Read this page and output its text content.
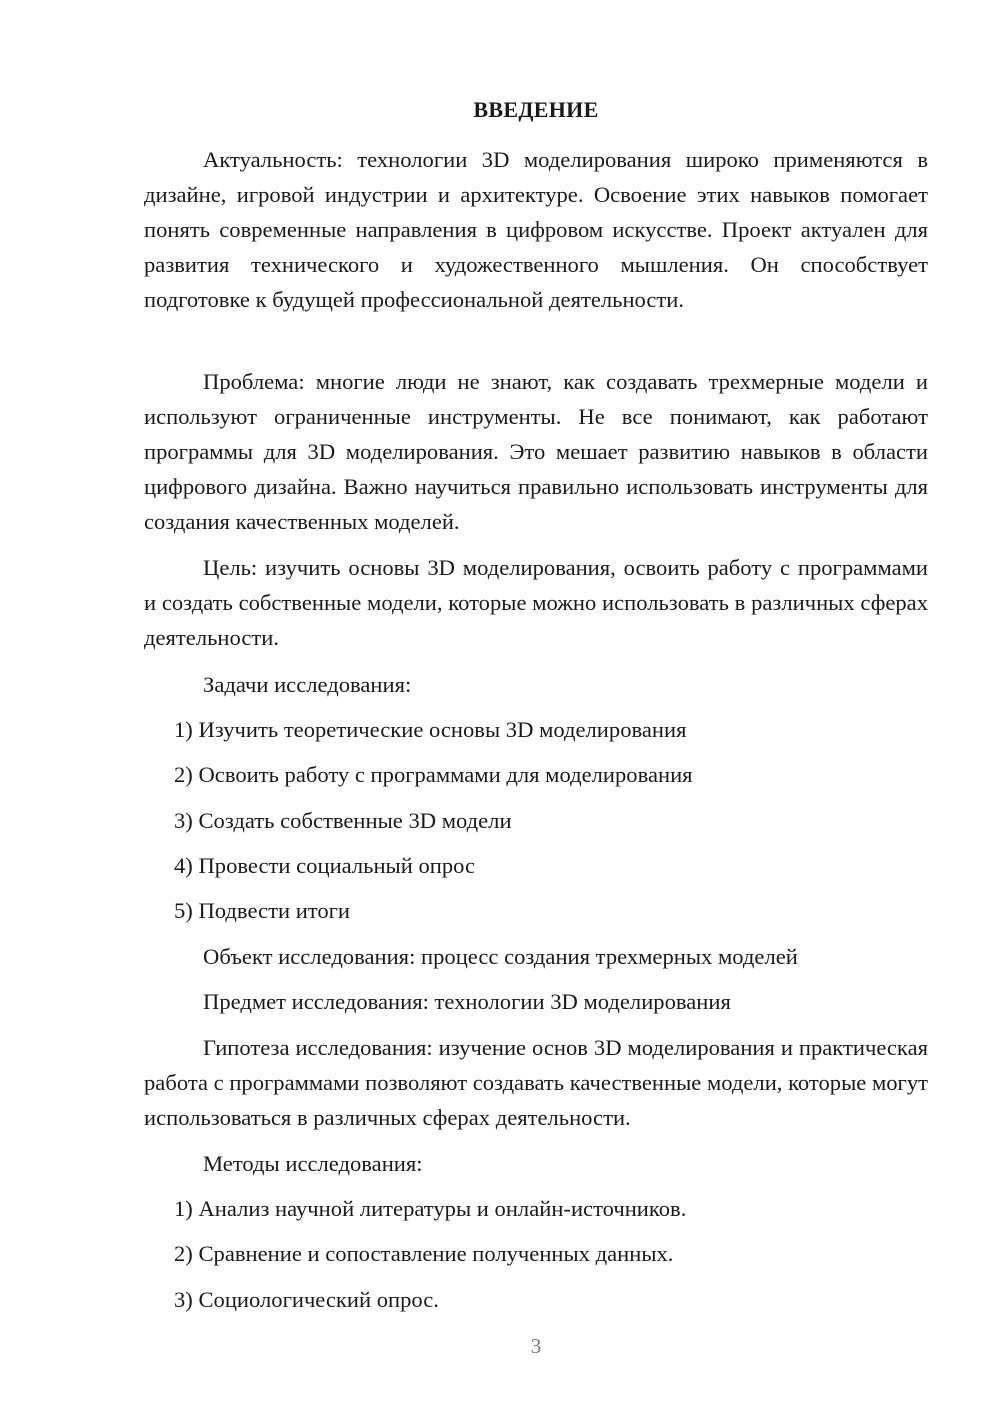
ВВЕДЕНИЕ

Актуальность: технологии 3D моделирования широко применяются в дизайне, игровой индустрии и архитектуре. Освоение этих навыков помогает понять современные направления в цифровом искусстве. Проект актуален для развития технического и художественного мышления. Он способствует подготовке к будущей профессиональной деятельности.

Проблема: многие люди не знают, как создавать трехмерные модели и используют ограниченные инструменты. Не все понимают, как работают программы для 3D моделирования. Это мешает развитию навыков в области цифрового дизайна. Важно научиться правильно использовать инструменты для создания качественных моделей.

Цель: изучить основы 3D моделирования, освоить работу с программами и создать собственные модели, которые можно использовать в различных сферах деятельности.

Задачи исследования:
1) Изучить теоретические основы 3D моделирования
2) Освоить работу с программами для моделирования
3) Создать собственные 3D модели
4) Провести социальный опрос
5) Подвести итоги
Объект исследования: процесс создания трехмерных моделей
Предмет исследования: технологии 3D моделирования

Гипотеза исследования: изучение основ 3D моделирования и практическая работа с программами позволяют создавать качественные модели, которые могут использоваться в различных сферах деятельности.

Методы исследования:
1) Анализ научной литературы и онлайн-источников.
2) Сравнение и сопоставление полученных данных.
3) Социологический опрос.
3
